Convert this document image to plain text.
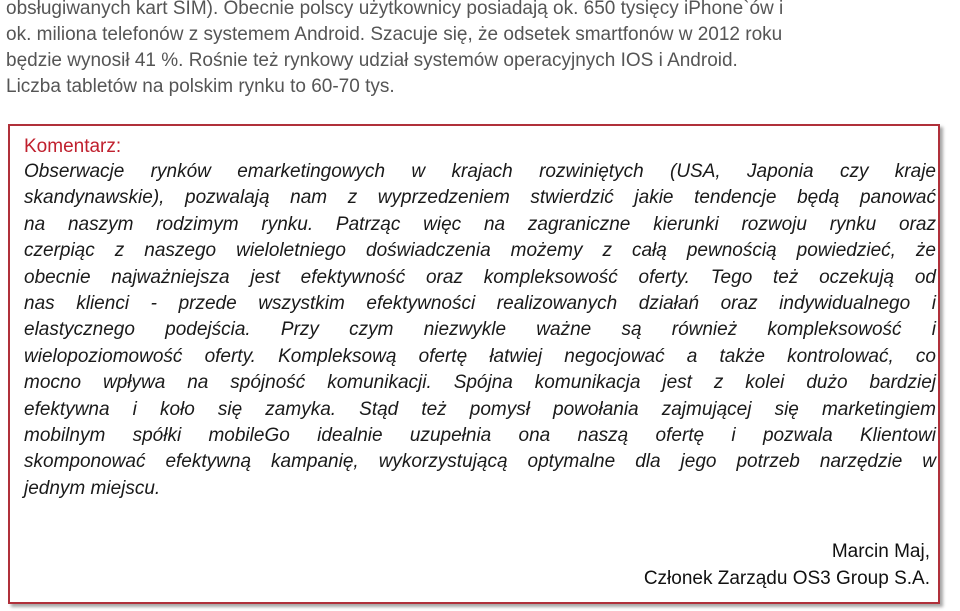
obsługiwanych kart SIM). Obecnie polscy użytkownicy posiadają ok. 650 tysięcy iPhone`ów i
ok. miliona telefonów z systemem Android. Szacuje się, że odsetek smartfonów w 2012 roku
będzie wynosił 41 %. Rośnie też rynkowy udział systemów operacyjnych IOS i Android.
Liczba tabletów na polskim rynku to 60-70 tys.
Komentarz:
Obserwacje rynków emarketingowych w krajach rozwiniętych (USA, Japonia czy kraje
skandynawskie), pozwalają nam z wyprzedzeniem stwierdzić jakie tendencje będą panować
na naszym rodzimym rynku. Patrząc więc na zagraniczne kierunki rozwoju rynku oraz
czerpiąc z naszego wieloletniego doświadczenia możemy z całą pewnością powiedzieć, że
obecnie najważniejsza jest efektywność oraz kompleksowość oferty. Tego też oczekują od
nas klienci - przede wszystkim efektywności realizowanych działań oraz indywidualnego i
elastycznego podejścia. Przy czym niezwykle ważne są również kompleksowość i
wielopoziomowość oferty. Kompleksową ofertę łatwiej negocjować a także kontrolować, co
mocno wpływa na spójność komunikacji. Spójna komunikacja jest z kolei dużo bardziej
efektywna i koło się zamyka. Stąd też pomysł powołania zajmującej się marketingiem
mobilnym spółki mobileGo idealnie uzupełnia ona naszą ofertę i pozwala Klientowi
skomponować efektywną kampanię, wykorzystującą optymalne dla jego potrzeb narzędzie w
jednym miejscu.
Marcin Maj,
Członek Zarządu OS3 Group S.A.
